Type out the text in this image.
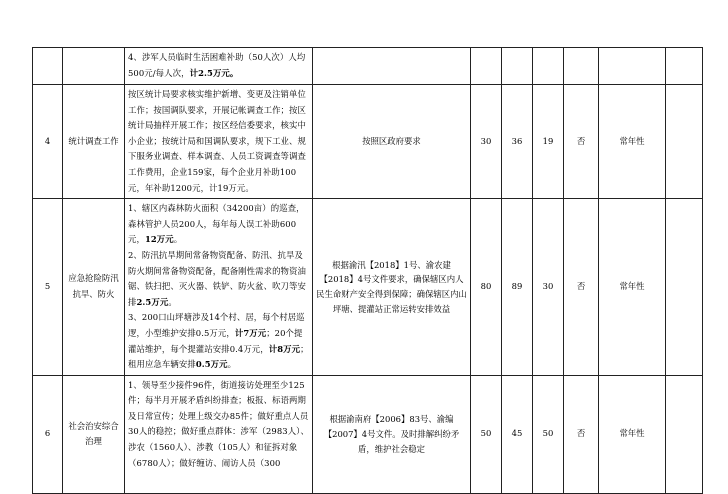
		4、涉军人员临时生活困难补助（50人次）人均500元/每人次，计2.5万元。							
4	统计调查工作	按区统计局要求核实维护新增、变更及注销单位工作；按国调队要求，开展记帐调查工作；按区统计局抽样开展工作；按区经信委要求，核实中小企业；按统计局和国调队要求，规下工业、规下服务业调查、样本调查、人员工资调查等调查工作费用，企业159家，每个企业月补助100元，年补助1200元，计19万元。	按照区政府要求	30	36	19	否	常年性	
5	应急抢险防汛抗旱、防火	1、辖区内森林防火面积（34200亩）的巡查，森林管护人员200人，每年每人误工补助600元，12万元。
2、防汛抗旱期间常备物资配备、防汛、抗旱及防火期间常备物资配备，配备刚性需求的物资油锯、铁扫把、灭火器、铁铲、防火盆、吹刀等安排2.5万元。
3、200口山坪塘涉及14个村、居，每个村居巡逻，小型维护安排0.5万元，计7万元；20个提灌站维护，每个提灌站安排0.4万元，计8万元；租用应急车辆安排0.5万元。	根据渝汛【2018】1号、渝农建【2018】4号文件要求，确保辖区内人民生命财产安全得到保障；确保辖区内山坪塘、提灌站正常运转安排效益	80	89	30	否	常年性	
6	社会治安综合治理	1、领导至少接件96件，街道接访处理至少125件；每半月开展矛盾纠纷排查；板报、标语两期及日常宣传；处理上级交办85件；做好重点人员30人的稳控；做好重点群体：涉军（2983人）、涉农（1560人）、涉教（105人）和征拆对象（6780人）；做好缠访、闹访人员（300	根据渝南府【2006】83号、渝编【2007】4号文件。及时排解纠纷矛盾，维护社会稳定	50	45	50	否	常年性	
